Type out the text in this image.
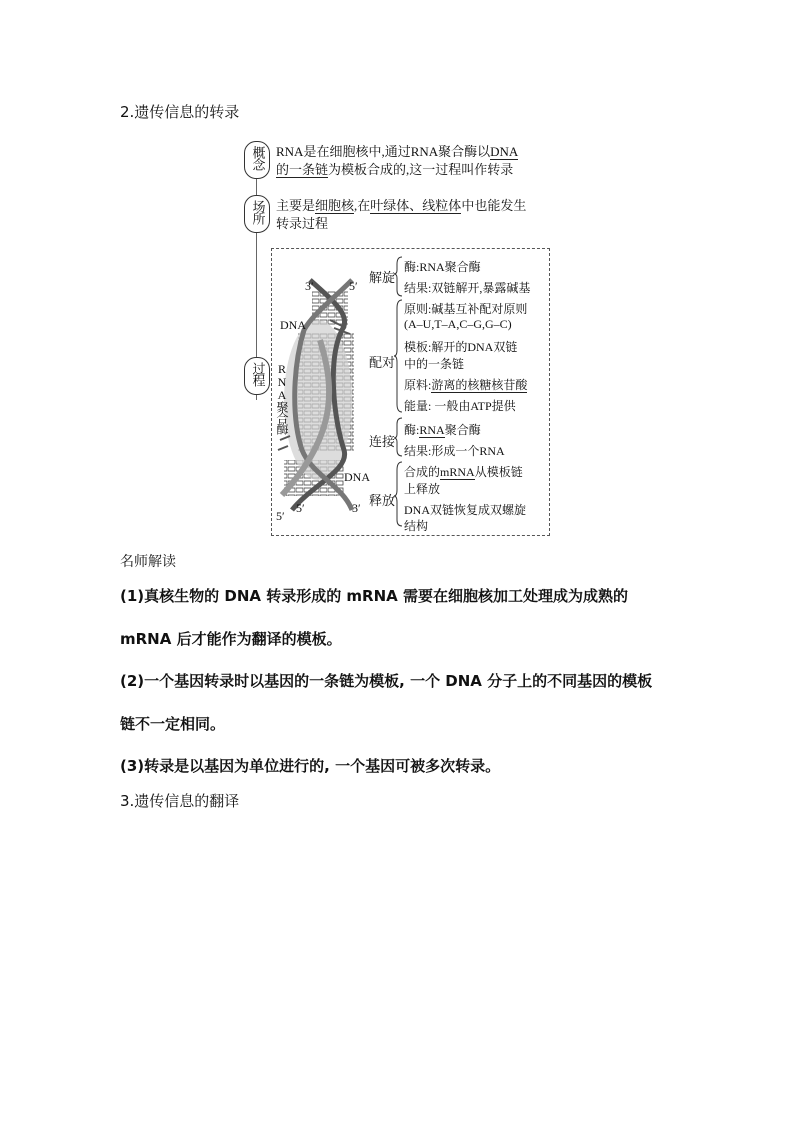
2.遗传信息的转录
概念 RNA是在细胞核中,通过RNA聚合酶以DNA
的一条链为模板合成的,这一过程叫作转录
场所 主要是细胞核,在叶绿体、线粒体中也能发生
转录过程
过程
3′	5′
DNA
RNA聚合酶
DNA
5′
5′	3′
解旋
配对
连接
释放
酶:RNA聚合酶
结果:双链解开,暴露碱基
原则:碱基互补配对原则
(A–U,T–A,C–G,G–C)
模板:解开的DNA双链
中的一条链
原料:游离的核糖核苷酸
能量: 一般由ATP提供
酶:RNA聚合酶
结果:形成一个RNA
合成的mRNA从模板链
上释放
DNA双链恢复成双螺旋
结构
名师解读
(1)真核生物的 DNA 转录形成的 mRNA 需要在细胞核加工处理成为成熟的
mRNA 后才能作为翻译的模板。
(2)一个基因转录时以基因的一条链为模板, 一个 DNA 分子上的不同基因的模板
链不一定相同。
(3)转录是以基因为单位进行的, 一个基因可被多次转录。
3.遗传信息的翻译
